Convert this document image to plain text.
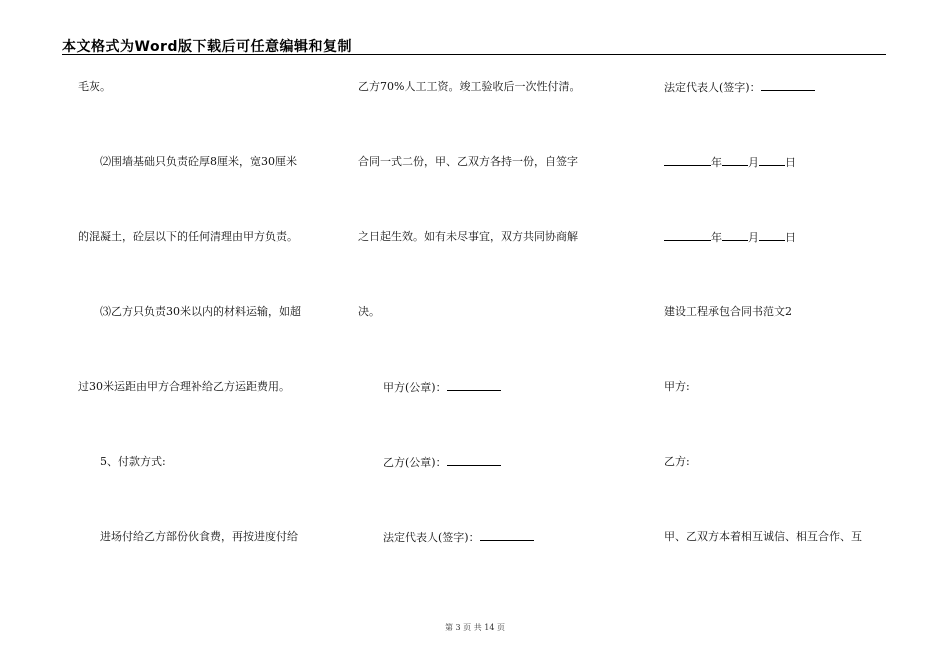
本文格式为Word版下载后可任意编辑和复制
毛灰。
⑵围墙基础只负责砼厚8厘米，宽30厘米
的混凝土，砼层以下的任何清理由甲方负责。
⑶乙方只负责30米以内的材料运输，如超
过30米运距由甲方合理补给乙方运距费用。
5、付款方式:
进场付给乙方部份伙食费，再按进度付给
乙方70%人工工资。竣工验收后一次性付清。
合同一式二份，甲、乙双方各持一份，自签字
之日起生效。如有未尽事宜，双方共同协商解
决。
甲方(公章)：
乙方(公章)：
法定代表人(签字)：
法定代表人(签字)：
年 月 日
年 月 日
建设工程承包合同书范文2
甲方:
乙方:
甲、乙双方本着相互诚信、相互合作、互
第 3 页 共 14 页
